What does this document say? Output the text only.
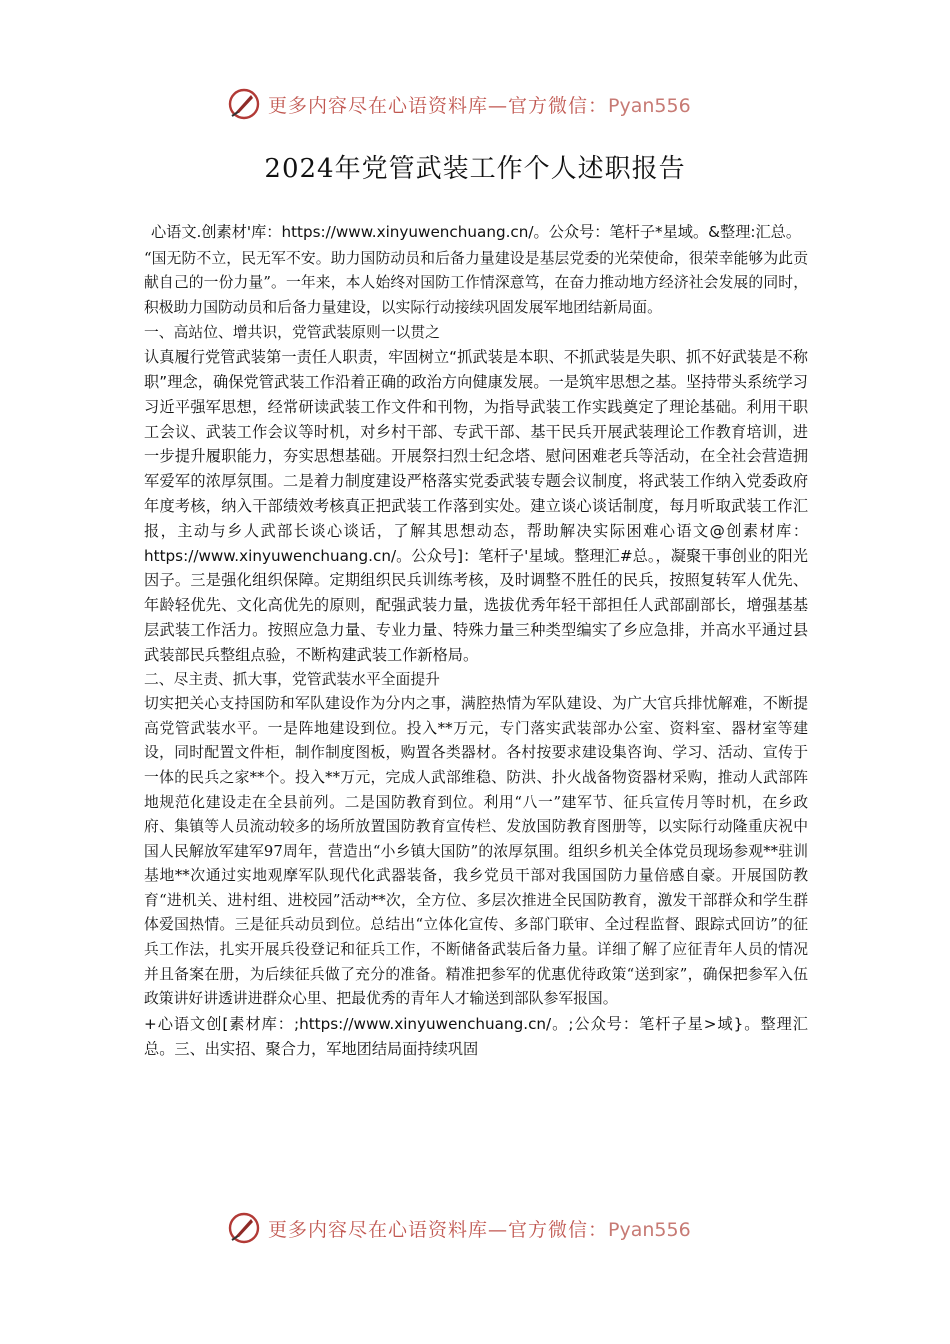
更多内容尽在心语资料库—官方微信：Pyan556
2024年党管武装工作个人述职报告

心语文.创素材'库：https://www.xinyuwenchuang.cn/。公众号：笔杆子*星域。&整理:汇总。

“国无防不立，民无军不安。助力国防动员和后备力量建设是基层党委的光荣使命，很荣幸能够为此贡献自己的一份力量”。一年来，本人始终对国防工作情深意笃，在奋力推动地方经济社会发展的同时，积极助力国防动员和后备力量建设，以实际行动接续巩固发展军地团结新局面。

一、高站位、增共识，党管武装原则一以贯之

认真履行党管武装第一责任人职责，牢固树立“抓武装是本职、不抓武装是失职、抓不好武装是不称职”理念，确保党管武装工作沿着正确的政治方向健康发展。一是筑牢思想之基。坚持带头系统学习习近平强军思想，经常研读武装工作文件和刊物，为指导武装工作实践奠定了理论基础。利用干职工会议、武装工作会议等时机，对乡村干部、专武干部、基干民兵开展武装理论工作教育培训，进一步提升履职能力，夯实思想基础。开展祭扫烈士纪念塔、慰问困难老兵等活动，在全社会营造拥军爱军的浓厚氛围。二是着力制度建设严格落实党委武装专题会议制度，将武装工作纳入党委政府年度考核，纳入干部绩效考核真正把武装工作落到实处。建立谈心谈话制度，每月听取武装工作汇报，主动与乡人武部长谈心谈话，了解其思想动态，帮助解决实际困难心语文@创素材库：https://www.xinyuwenchuang.cn/。公众号]：笔杆子'星域。整理汇#总。，凝聚干事创业的阳光因子。三是强化组织保障。定期组织民兵训练考核，及时调整不胜任的民兵，按照复转军人优先、年龄轻优先、文化高优先的原则，配强武装力量，选拔优秀年轻干部担任人武部副部长，增强基基层武装工作活力。按照应急力量、专业力量、特殊力量三种类型编实了乡应急排，并高水平通过县武装部民兵整组点验，不断构建武装工作新格局。

二、尽主责、抓大事，党管武装水平全面提升

切实把关心支持国防和军队建设作为分内之事，满腔热情为军队建设、为广大官兵排忧解难，不断提高党管武装水平。一是阵地建设到位。投入**万元，专门落实武装部办公室、资料室、器材室等建设，同时配置文件柜，制作制度图板，购置各类器材。各村按要求建设集咨询、学习、活动、宣传于一体的民兵之家**个。投入**万元，完成人武部维稳、防洪、扑火战备物资器材采购，推动人武部阵地规范化建设走在全县前列。二是国防教育到位。利用“八一”建军节、征兵宣传月等时机，在乡政府、集镇等人员流动较多的场所放置国防教育宣传栏、发放国防教育图册等，以实际行动隆重庆祝中国人民解放军建军97周年，营造出“小乡镇大国防”的浓厚氛围。组织乡机关全体党员现场参观**驻训基地**次通过实地观摩军队现代化武器装备，我乡党员干部对我国国防力量倍感自豪。开展国防教育“进机关、进村组、进校园”活动**次，全方位、多层次推进全民国防教育，激发干部群众和学生群体爱国热情。三是征兵动员到位。总结出“立体化宣传、多部门联审、全过程监督、跟踪式回访”的征兵工作法，扎实开展兵役登记和征兵工作，不断储备武装后备力量。详细了解了应征青年人员的情况并且备案在册，为后续征兵做了充分的准备。精准把参军的优惠优待政策“送到家”，确保把参军入伍政策讲好讲透讲进群众心里、把最优秀的青年人才输送到部队参军报国。

+心语文创[素材库：;https://www.xinyuwenchuang.cn/。;公众号：笔杆子星>域}。整理汇总。三、出实招、聚合力，军地团结局面持续巩固

更多内容尽在心语资料库—官方微信：Pyan556
